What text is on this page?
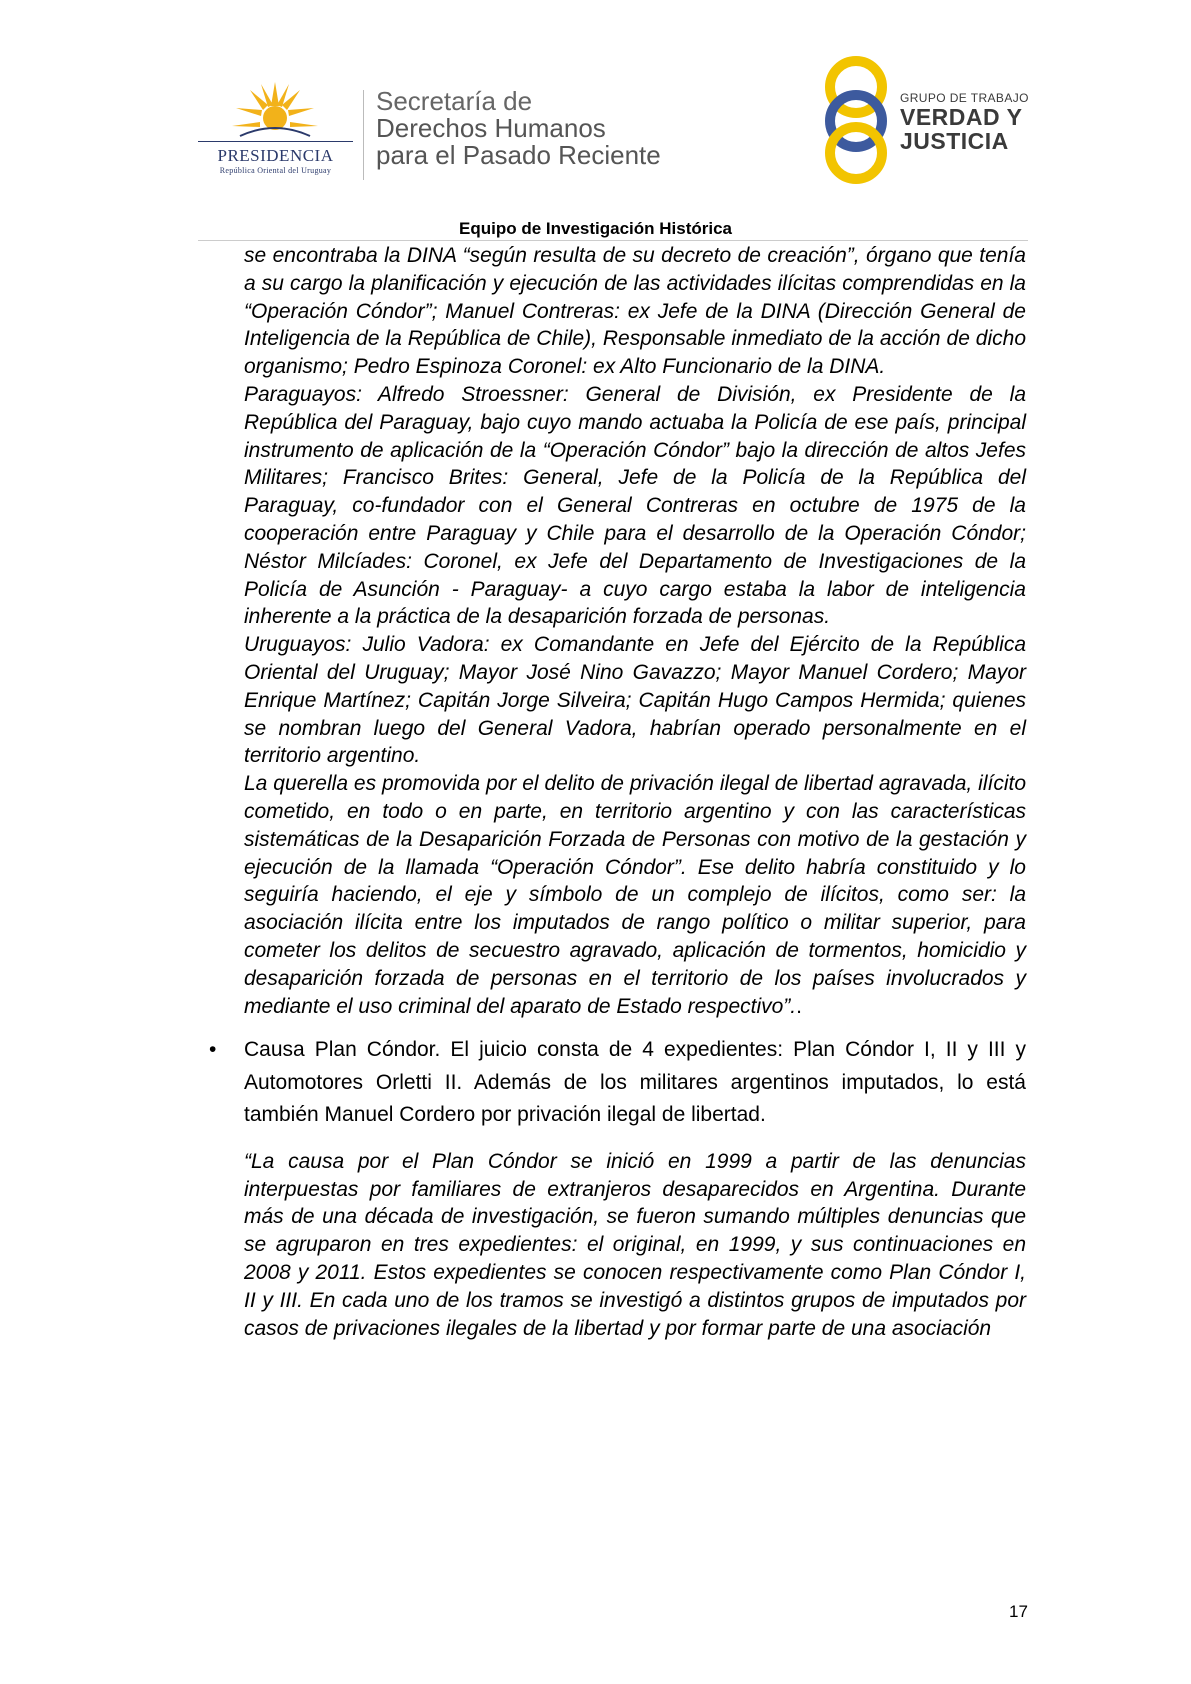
PRESIDENCIA
República Oriental del Uruguay
Secretaría de
Derechos Humanos
para el Pasado Reciente
GRUPO DE TRABAJO
VERDAD Y
JUSTICIA
Equipo de Investigación Histórica

se encontraba la DINA “según resulta de su decreto de creación”, órgano que tenía a su cargo la planificación y ejecución de las actividades ilícitas comprendidas en la “Operación Cóndor”; Manuel Contreras: ex Jefe de la DINA (Dirección General de Inteligencia de la República de Chile), Responsable inmediato de la acción de dicho organismo; Pedro Espinoza Coronel: ex Alto Funcionario de la DINA.

Paraguayos: Alfredo Stroessner: General de División, ex Presidente de la República del Paraguay, bajo cuyo mando actuaba la Policía de ese país, principal instrumento de aplicación de la “Operación Cóndor” bajo la dirección de altos Jefes Militares; Francisco Brites: General, Jefe de la Policía de la República del Paraguay, co-fundador con el General Contreras en octubre de 1975 de la cooperación entre Paraguay y Chile para el desarrollo de la Operación Cóndor; Néstor Milcíades: Coronel, ex Jefe del Departamento de Investigaciones de la Policía de Asunción - Paraguay- a cuyo cargo estaba la labor de inteligencia inherente a la práctica de la desaparición forzada de personas.

Uruguayos: Julio Vadora: ex Comandante en Jefe del Ejército de la República Oriental del Uruguay; Mayor José Nino Gavazzo; Mayor Manuel Cordero; Mayor Enrique Martínez; Capitán Jorge Silveira; Capitán Hugo Campos Hermida; quienes se nombran luego del General Vadora, habrían operado personalmente en el territorio argentino.

La querella es promovida por el delito de privación ilegal de libertad agravada, ilícito cometido, en todo o en parte, en territorio argentino y con las características sistemáticas de la Desaparición Forzada de Personas con motivo de la gestación y ejecución de la llamada “Operación Cóndor”. Ese delito habría constituido y lo seguiría haciendo, el eje y símbolo de un complejo de ilícitos, como ser: la asociación ilícita entre los imputados de rango político o militar superior, para cometer los delitos de secuestro agravado, aplicación de tormentos, homicidio y desaparición forzada de personas en el territorio de los países involucrados y mediante el uso criminal del aparato de Estado respectivo”..

• Causa Plan Cóndor. El juicio consta de 4 expedientes: Plan Cóndor I, II y III y Automotores Orletti II. Además de los militares argentinos imputados, lo está también Manuel Cordero por privación ilegal de libertad.

“La causa por el Plan Cóndor se inició en 1999 a partir de las denuncias interpuestas por familiares de extranjeros desaparecidos en Argentina. Durante más de una década de investigación, se fueron sumando múltiples denuncias que se agruparon en tres expedientes: el original, en 1999, y sus continuaciones en 2008 y 2011. Estos expedientes se conocen respectivamente como Plan Cóndor I, II y III. En cada uno de los tramos se investigó a distintos grupos de imputados por casos de privaciones ilegales de la libertad y por formar parte de una asociación

17
